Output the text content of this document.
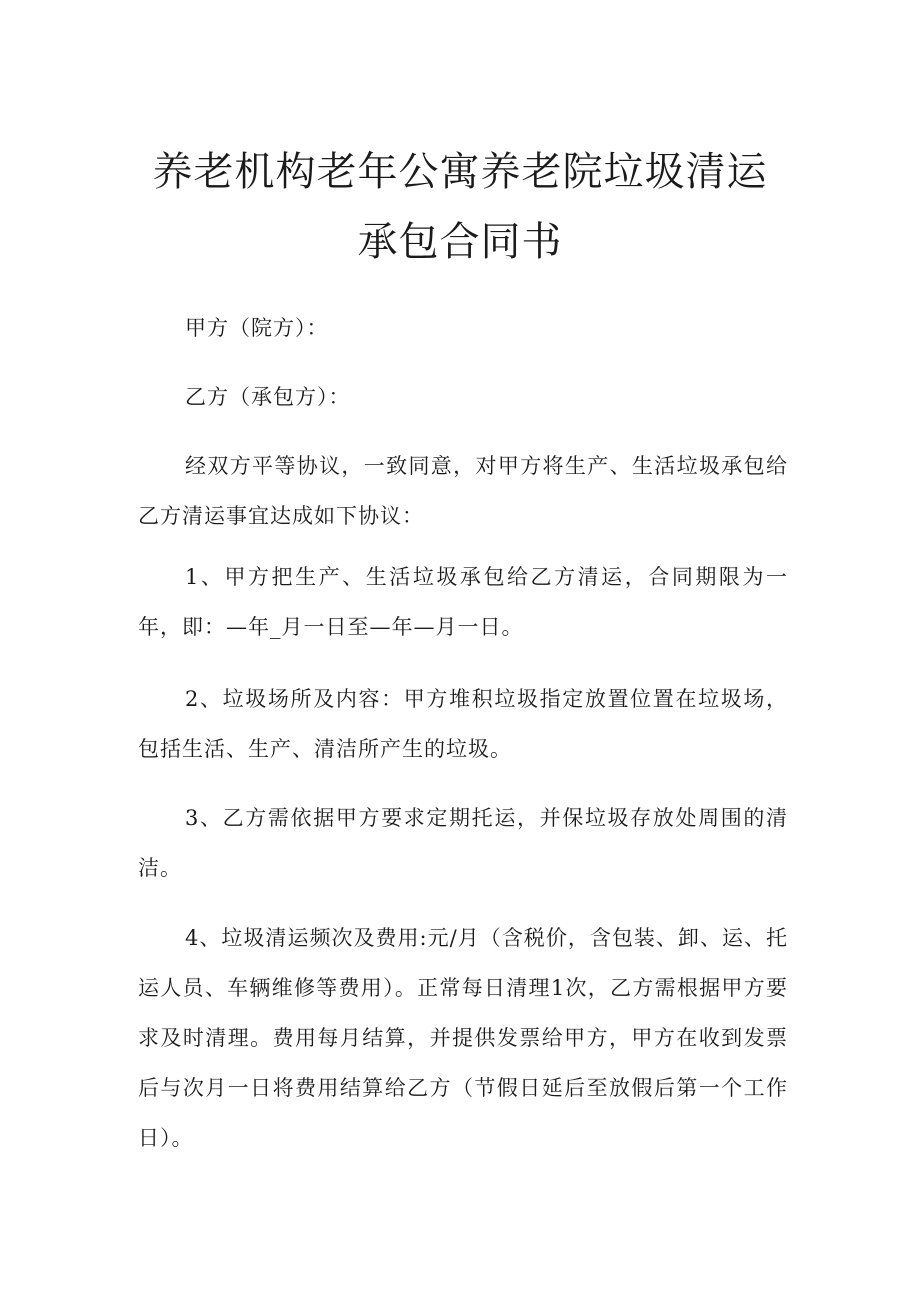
养老机构老年公寓养老院垃圾清运
承包合同书

甲方（院方）：

乙方（承包方）：

经双方平等协议，一致同意，对甲方将生产、生活垃圾承包给乙方清运事宜达成如下协议：

1、甲方把生产、生活垃圾承包给乙方清运，合同期限为一年，即：—年_月一日至—年—月一日。

2、垃圾场所及内容：甲方堆积垃圾指定放置位置在垃圾场，包括生活、生产、清洁所产生的垃圾。

3、乙方需依据甲方要求定期托运，并保垃圾存放处周围的清洁。

4、垃圾清运频次及费用:元/月（含税价，含包装、卸、运、托运人员、车辆维修等费用）。正常每日清理1次，乙方需根据甲方要求及时清理。费用每月结算，并提供发票给甲方，甲方在收到发票后与次月一日将费用结算给乙方（节假日延后至放假后第一个工作日）。
